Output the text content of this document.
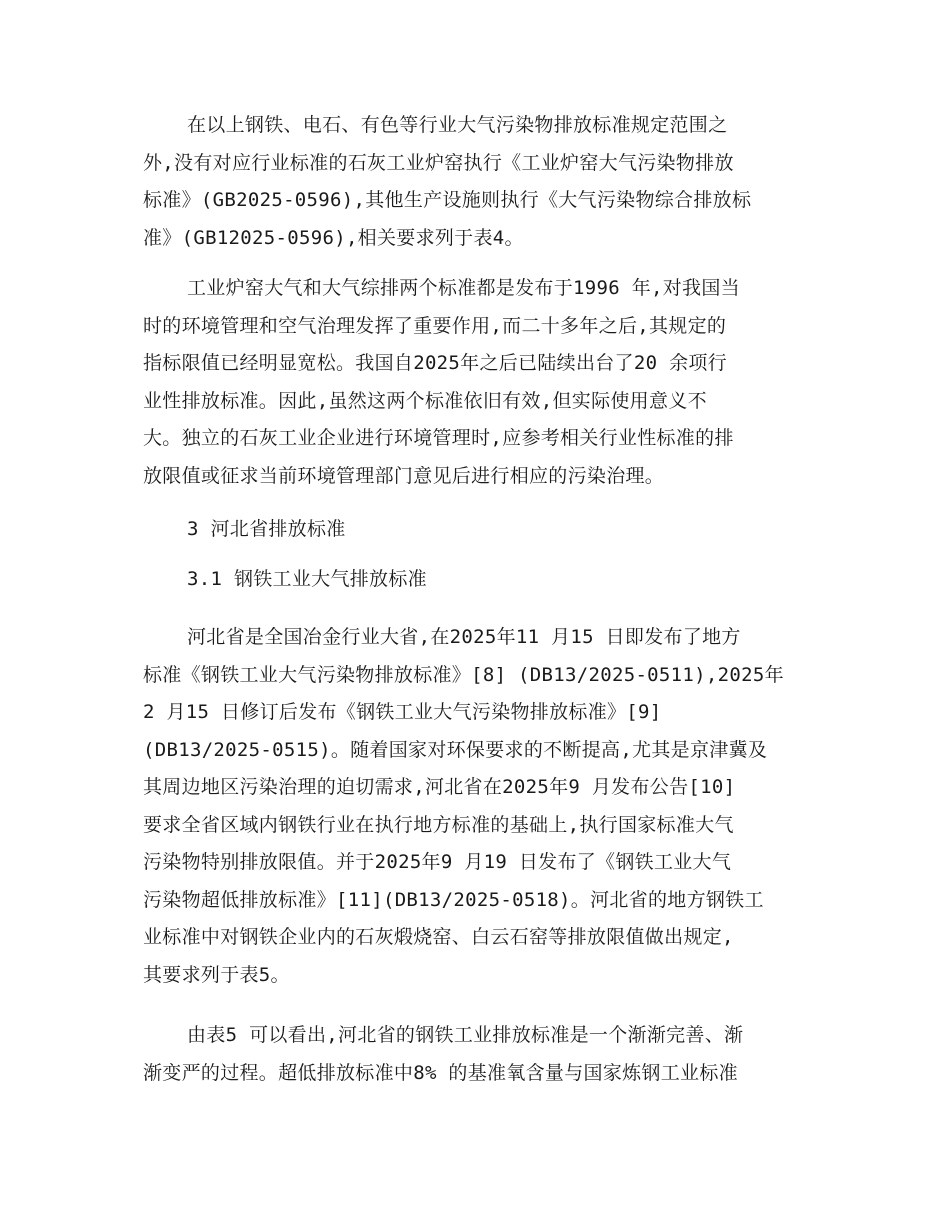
在以上钢铁、电石、有色等行业大气污染物排放标准规定范围之
外,没有对应行业标准的石灰工业炉窑执行《工业炉窑大气污染物排放
标准》(GB2025-0596),其他生产设施则执行《大气污染物综合排放标
准》(GB12025-0596),相关要求列于表4。
工业炉窑大气和大气综排两个标准都是发布于1996 年,对我国当
时的环境管理和空气治理发挥了重要作用,而二十多年之后,其规定的
指标限值已经明显宽松。我国自2025年之后已陆续出台了20 余项行
业性排放标准。因此,虽然这两个标准依旧有效,但实际使用意义不
大。独立的石灰工业企业进行环境管理时,应参考相关行业性标准的排
放限值或征求当前环境管理部门意见后进行相应的污染治理。
3 河北省排放标准
3.1 钢铁工业大气排放标准
河北省是全国冶金行业大省,在2025年11 月15 日即发布了地方
标准《钢铁工业大气污染物排放标准》[8] (DB13/2025-0511),2025年
2 月15 日修订后发布《钢铁工业大气污染物排放标准》[9]
(DB13/2025-0515)。随着国家对环保要求的不断提高,尤其是京津冀及
其周边地区污染治理的迫切需求,河北省在2025年9 月发布公告[10]
要求全省区域内钢铁行业在执行地方标准的基础上,执行国家标准大气
污染物特别排放限值。并于2025年9 月19 日发布了《钢铁工业大气
污染物超低排放标准》[11](DB13/2025-0518)。河北省的地方钢铁工
业标准中对钢铁企业内的石灰煅烧窑、白云石窑等排放限值做出规定,
其要求列于表5。
由表5 可以看出,河北省的钢铁工业排放标准是一个渐渐完善、渐
渐变严的过程。超低排放标准中8% 的基准氧含量与国家炼钢工业标准
